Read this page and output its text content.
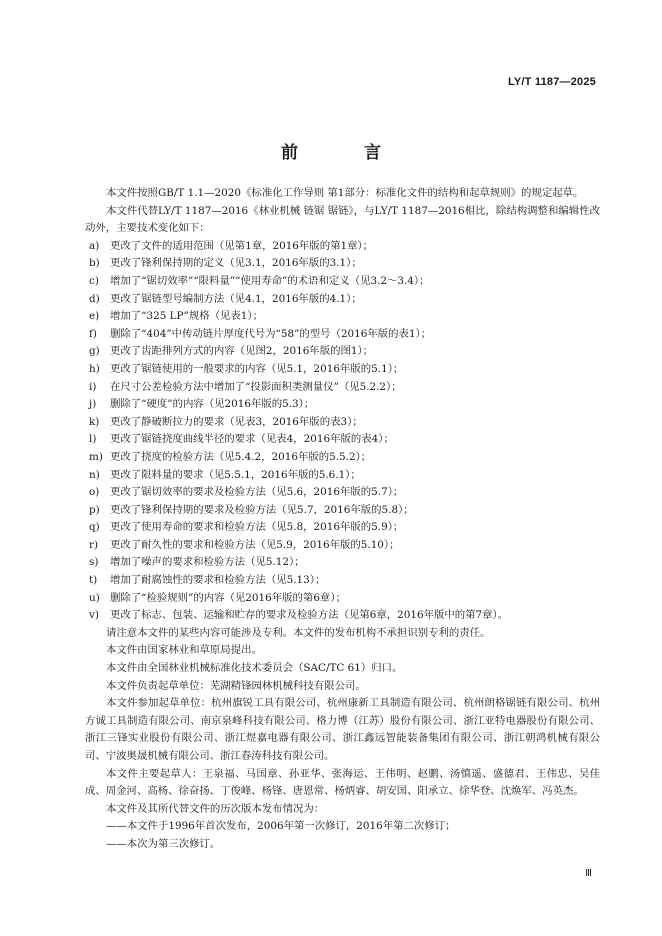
LY/T 1187—2025
前 言

本文件按照GB/T 1.1—2020《标准化工作导则 第1部分：标准化文件的结构和起草规则》的规定起草。

本文件代替LY/T 1187—2016《林业机械 链锯 锯链》，与LY/T 1187—2016相比，除结构调整和编辑性改动外，主要技术变化如下：

a)	更改了文件的适用范围（见第1章，2016年版的第1章）；
b) 更改了锋利保持期的定义（见3.1，2016年版的3.1）；
c)	增加了“锯切效率”“限料量”“使用寿命”的术语和定义（见3.2～3.4）；
d) 更改了锯链型号编制方法（见4.1，2016年版的4.1）；
e)	增加了“325 LP”规格（见表1）；
f)	删除了“404”中传动链片厚度代号为“58”的型号（2016年版的表1）；
g) 更改了齿距排列方式的内容（见图2，2016年版的图1）；
h) 更改了锯链使用的一般要求的内容（见5.1，2016年版的5.1）；
i)	在尺寸公差检验方法中增加了“投影面积类测量仪”（见5.2.2）；
j)	删除了“硬度”的内容（见2016年版的5.3）；
k)	更改了静破断拉力的要求（见表3，2016年版的表3）；
l)	更改了锯链挠度曲线半径的要求（见表4，2016年版的表4）；
m) 更改了挠度的检验方法（见5.4.2，2016年版的5.5.2）；
n) 更改了限料量的要求（见5.5.1，2016年版的5.6.1）；
o)	更改了锯切效率的要求及检验方法（见5.6，2016年版的5.7）；
p) 更改了锋利保持期的要求及检验方法（见5.7，2016年版的5.8）；
q) 更改了使用寿命的要求和检验方法（见5.8，2016年版的5.9）；
r)	更改了耐久性的要求和检验方法（见5.9，2016年版的5.10）；
s)	增加了噪声的要求和检验方法（见5.12）；
t)	增加了耐腐蚀性的要求和检验方法（见5.13）；
u) 删除了“检验规则”的内容（见2016年版的第6章）；
v)	更改了标志、包装、运输和贮存的要求及检验方法（见第6章，2016年版中的第7章）。

请注意本文件的某些内容可能涉及专利。本文件的发布机构不承担识别专利的责任。

本文件由国家林业和草原局提出。

本文件由全国林业机械标准化技术委员会（SAC/TC 61）归口。

本文件负责起草单位：芜湖精锋园林机械科技有限公司。

本文件参加起草单位：杭州旗锐工具有限公司、杭州康新工具制造有限公司、杭州朗格锯链有限公司、杭州方诚工具制造有限公司、南京泉峰科技有限公司、格力博（江苏）股份有限公司、浙江亚特电器股份有限公司、浙江三锋实业股份有限公司、浙江煜嘉电器有限公司、浙江鑫远智能装备集团有限公司、浙江朝鸿机械有限公司、宁波奥晟机械有限公司、浙江春涛科技有限公司。

本文件主要起草人：王泉福、马国章、孙亚华、张海运、王伟明、赵鹏、汤慎遥、盛德君、王伟忠、吴佳成、周金河、高杨、徐奋扬、丁俊峰、杨锋、唐恩常、杨炳睿、胡安国、阳承立、徐华登、沈焕军、冯英杰。

本文件及其所代替文件的历次版本发布情况为：

——本文件于1996年首次发布，2006年第一次修订，2016年第二次修订；

——本次为第三次修订。

Ⅲ
